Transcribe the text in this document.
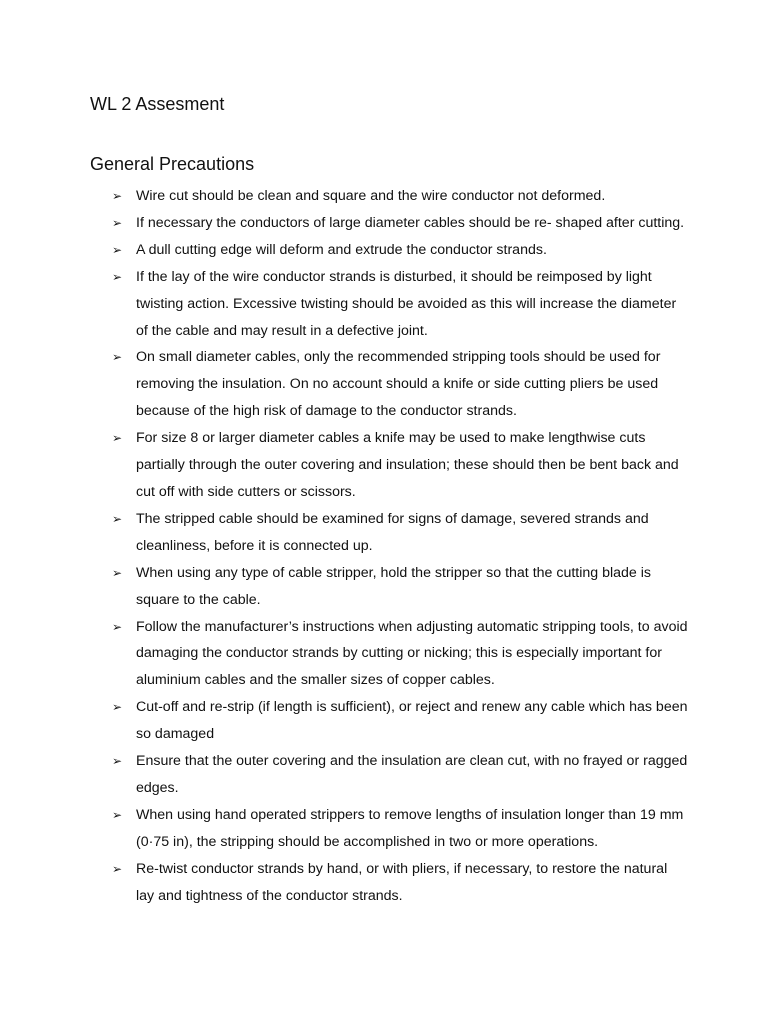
WL 2 Assesment
General Precautions
➢ Wire cut should be clean and square and the wire conductor not deformed.
➢ If necessary the conductors of large diameter cables should be re- shaped after cutting.
➢ A dull cutting edge will deform and extrude the conductor strands.
➢ If the lay of the wire conductor strands is disturbed, it should be reimposed by light twisting action. Excessive twisting should be avoided as this will increase the diameter of the cable and may result in a defective joint.
➢ On small diameter cables, only the recommended stripping tools should be used for removing the insulation. On no account should a knife or side cutting pliers be used because of the high risk of damage to the conductor strands.
➢ For size 8 or larger diameter cables a knife may be used to make lengthwise cuts partially through the outer covering and insulation; these should then be bent back and cut off with side cutters or scissors.
➢ The stripped cable should be examined for signs of damage, severed strands and cleanliness, before it is connected up.
➢ When using any type of cable stripper, hold the stripper so that the cutting blade is square to the cable.
➢ Follow the manufacturer’s instructions when adjusting automatic stripping tools, to avoid damaging the conductor strands by cutting or nicking; this is especially important for aluminium cables and the smaller sizes of copper cables.
➢ Cut-off and re-strip (if length is sufficient), or reject and renew any cable which has been so damaged
➢ Ensure that the outer covering and the insulation are clean cut, with no frayed or ragged edges.
➢ When using hand operated strippers to remove lengths of insulation longer than 19 mm (0·75 in), the stripping should be accomplished in two or more operations.
➢ Re-twist conductor strands by hand, or with pliers, if necessary, to restore the natural lay and tightness of the conductor strands.
